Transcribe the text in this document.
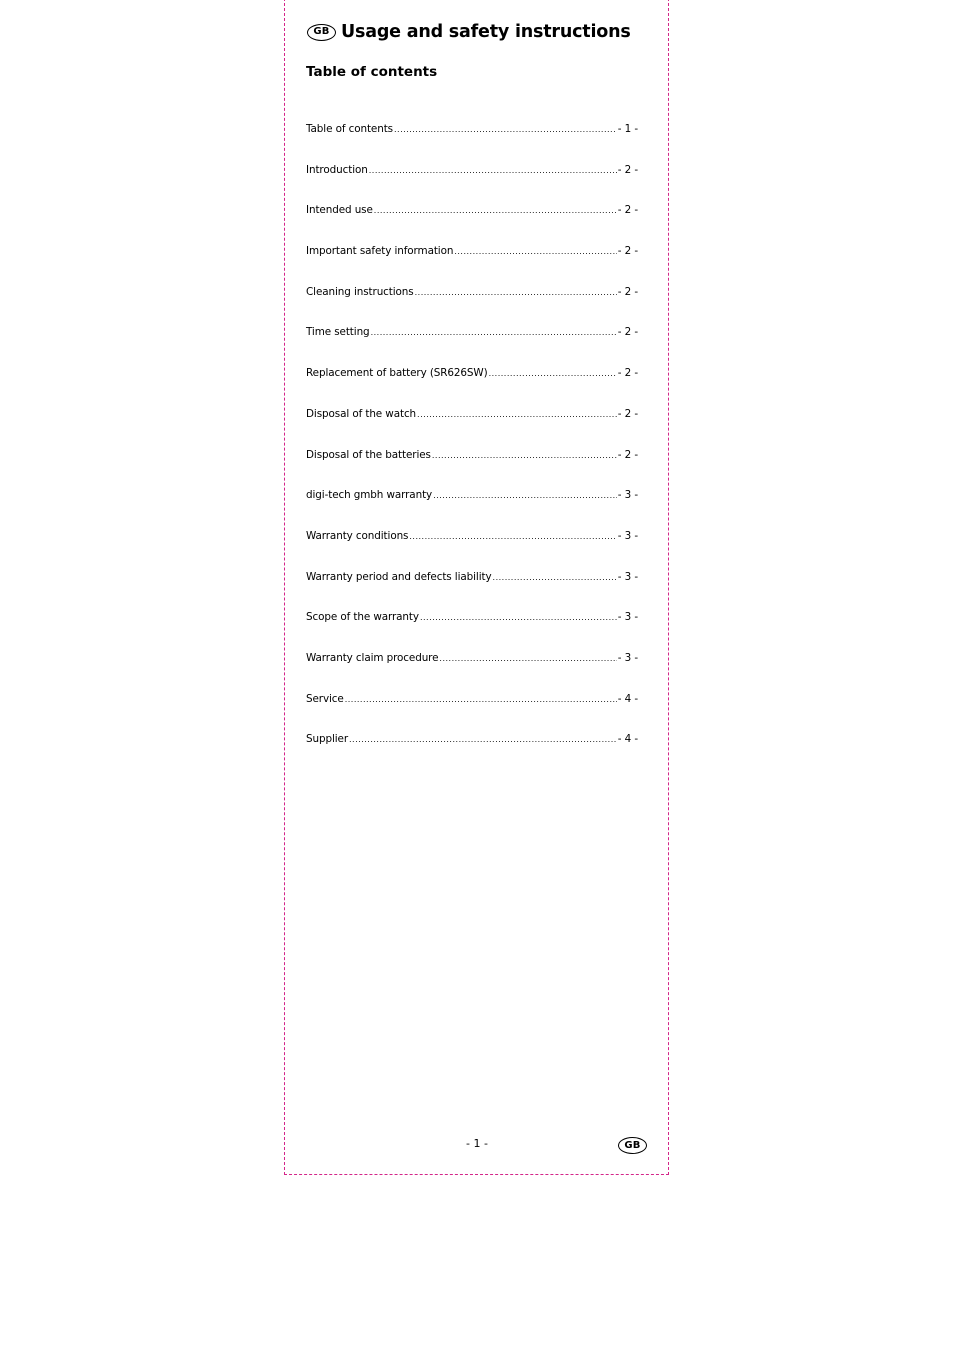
GB Usage and safety instructions
Table of contents
Table of contents .....	- 1 -
Introduction .....	- 2 -
Intended use .....	- 2 -
Important safety information .....	- 2 -
Cleaning instructions .....	- 2 -
Time setting .....	- 2 -
Replacement of battery (SR626SW) .....	- 2 -
Disposal of the watch .....	- 2 -
Disposal of the batteries .....	- 2 -
digi-tech gmbh warranty .....	- 3 -
Warranty conditions .....	- 3 -
Warranty period and defects liability .....	- 3 -
Scope of the warranty .....	- 3 -
Warranty claim procedure .....	- 3 -
Service .....	- 4 -
Supplier .....	- 4 -
- 1 -	GB
